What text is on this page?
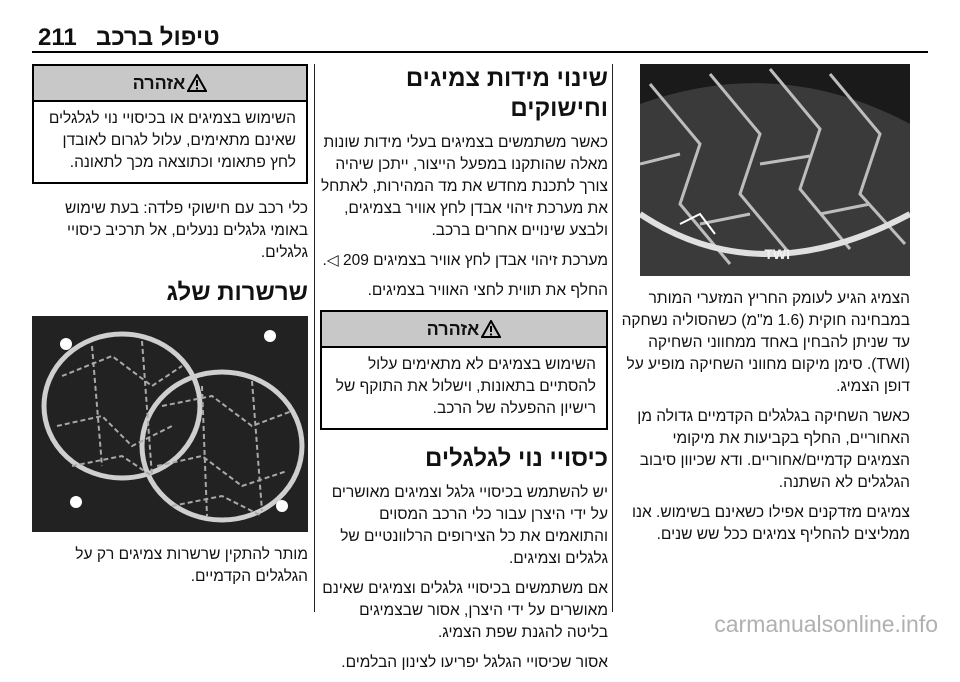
211 טיפול ברכב
TWI

הצמיג הגיע לעומק החריץ המזערי המותר במבחינה חוקית (1.6 מ"מ) כשהסוליה נשחקה עד שניתן להבחין באחד ממחווני השחיקה (TWI). סימן מיקום מחווני השחיקה מופיע על דופן הצמיג.

כאשר השחיקה בגלגלים הקדמיים גדולה מן האחוריים, החלף בקביעות את מיקומי הצמיגים קדמיים/אחוריים. ודא שכיוון סיבוב הגלגלים לא השתנה.

צמיגים מזדקנים אפילו כשאינם בשימוש. אנו ממליצים להחליף צמיגים ככל שש שנים.

שינוי מידות צמיגים וחישוקים

כאשר משתמשים בצמיגים בעלי מידות שונות מאלה שהותקנו במפעל הייצור, ייתכן שיהיה צורך לתכנת מחדש את מד המהירות, לאתחל את מערכת זיהוי אבדן לחץ אוויר בצמיגים, ולבצע שינויים אחרים ברכב.

מערכת זיהוי אבדן לחץ אוויר בצמיגים 209 ◁.

החלף את תווית לחצי האוויר בצמיגים.

אזהרה
השימוש בצמיגים לא מתאימים עלול להסתיים בתאונות, וישלול את התוקף של רישיון ההפעלה של הרכב.
כיסויי נוי לגלגלים

יש להשתמש בכיסויי גלגל וצמיגים מאושרים על ידי היצרן עבור כלי הרכב המסוים והתואמים את כל הצירופים הרלוונטיים של גלגלים וצמיגים.

אם משתמשים בכיסויי גלגלים וצמיגים שאינם מאושרים על ידי היצרן, אסור שבצמיגים בליטה להגנת שפת הצמיג.

אסור שכיסויי הגלגל יפריעו לצינון הבלמים.

אזהרה
השימוש בצמיגים או בכיסויי נוי לגלגלים שאינם מתאימים, עלול לגרום לאובדן לחץ פתאומי וכתוצאה מכך לתאונה.

כלי רכב עם חישוקי פלדה: בעת שימוש באומי גלגלים ננעלים, אל תרכיב כיסויי גלגלים.

שרשרות שלג

מותר להתקין שרשרות צמיגים רק על הגלגלים הקדמיים.

carmanualsonline.info
